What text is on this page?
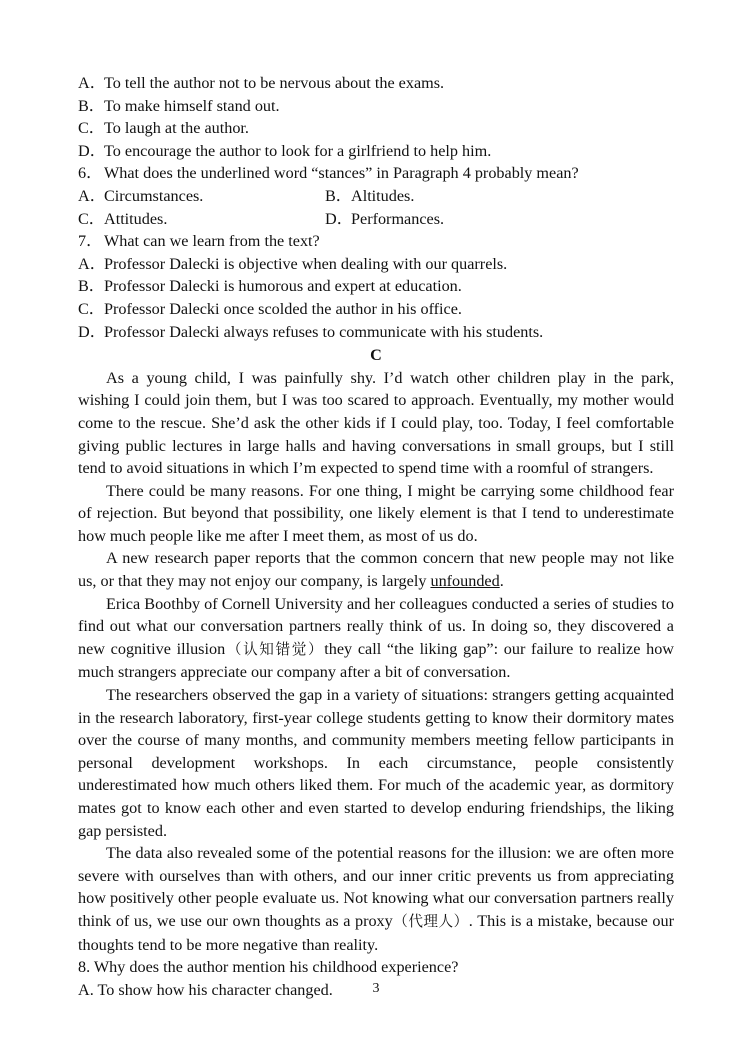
A．To tell the author not to be nervous about the exams.
B．To make himself stand out.
C．To laugh at the author.
D．To encourage the author to look for a girlfriend to help him.
6． What does the underlined word “stances” in Paragraph 4 probably mean?
A．Circumstances.	B．Altitudes.
C．Attitudes.	D．Performances.
7． What can we learn from the text?
A．Professor Dalecki is objective when dealing with our quarrels.
B．Professor Dalecki is humorous and expert at education.
C．Professor Dalecki once scolded the author in his office.
D．Professor Dalecki always refuses to communicate with his students.
C

As a young child, I was painfully shy. I’d watch other children play in the park, wishing I could join them, but I was too scared to approach. Eventually, my mother would come to the rescue. She’d ask the other kids if I could play, too. Today, I feel comfortable giving public lectures in large halls and having conversations in small groups, but I still tend to avoid situations in which I’m expected to spend time with a roomful of strangers.

There could be many reasons. For one thing, I might be carrying some childhood fear of rejection. But beyond that possibility, one likely element is that I tend to underestimate how much people like me after I meet them, as most of us do.

A new research paper reports that the common concern that new people may not like us, or that they may not enjoy our company, is largely unfounded.

Erica Boothby of Cornell University and her colleagues conducted a series of studies to find out what our conversation partners really think of us. In doing so, they discovered a new cognitive illusion（认知错觉）they call “the liking gap”: our failure to realize how much strangers appreciate our company after a bit of conversation.

The researchers observed the gap in a variety of situations: strangers getting acquainted in the research laboratory, first-year college students getting to know their dormitory mates over the course of many months, and community members meeting fellow participants in personal development workshops. In each circumstance, people consistently underestimated how much others liked them. For much of the academic year, as dormitory mates got to know each other and even started to develop enduring friendships, the liking gap persisted.

The data also revealed some of the potential reasons for the illusion: we are often more severe with ourselves than with others, and our inner critic prevents us from appreciating how positively other people evaluate us. Not knowing what our conversation partners really think of us, we use our own thoughts as a proxy（代理人）. This is a mistake, because our thoughts tend to be more negative than reality.

8. Why does the author mention his childhood experience?
A. To show how his character changed.	3
